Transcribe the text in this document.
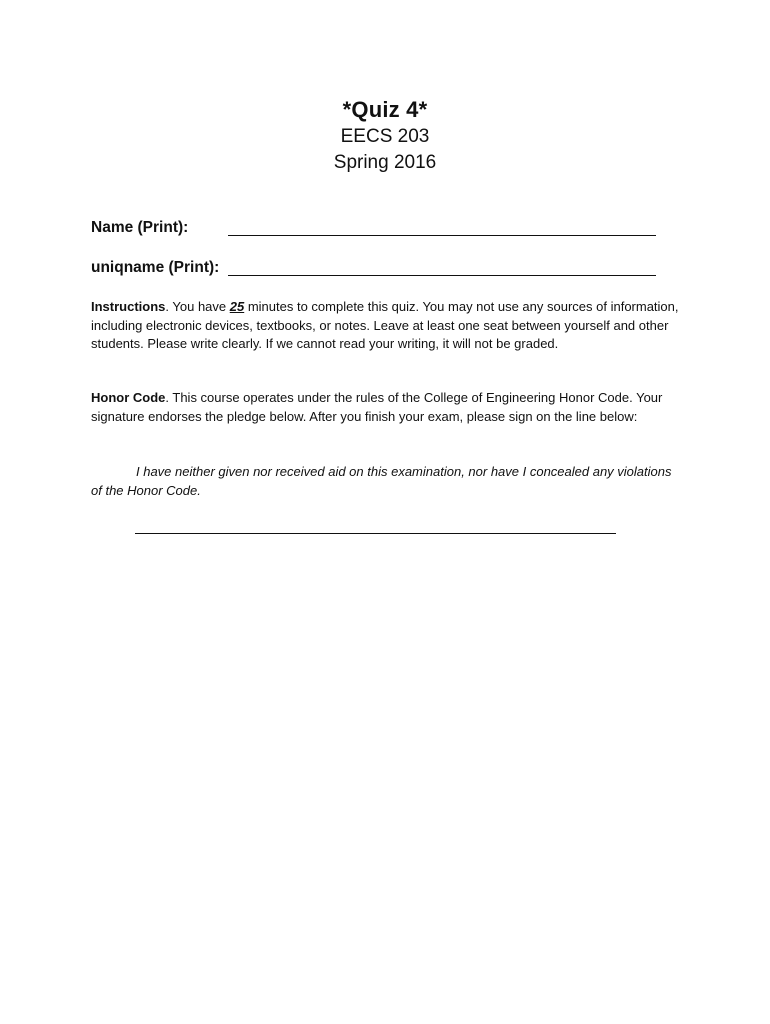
*Quiz 4*

EECS 203

Spring 2016

Name (Print):
uniqname (Print):

Instructions. You have 25 minutes to complete this quiz. You may not use any sources of information, including electronic devices, textbooks, or notes. Leave at least one seat between yourself and other students. Please write clearly. If we cannot read your writing, it will not be graded.

Honor Code. This course operates under the rules of the College of Engineering Honor Code. Your signature endorses the pledge below. After you finish your exam, please sign on the line below:

I have neither given nor received aid on this examination, nor have I concealed any violations of the Honor Code.
